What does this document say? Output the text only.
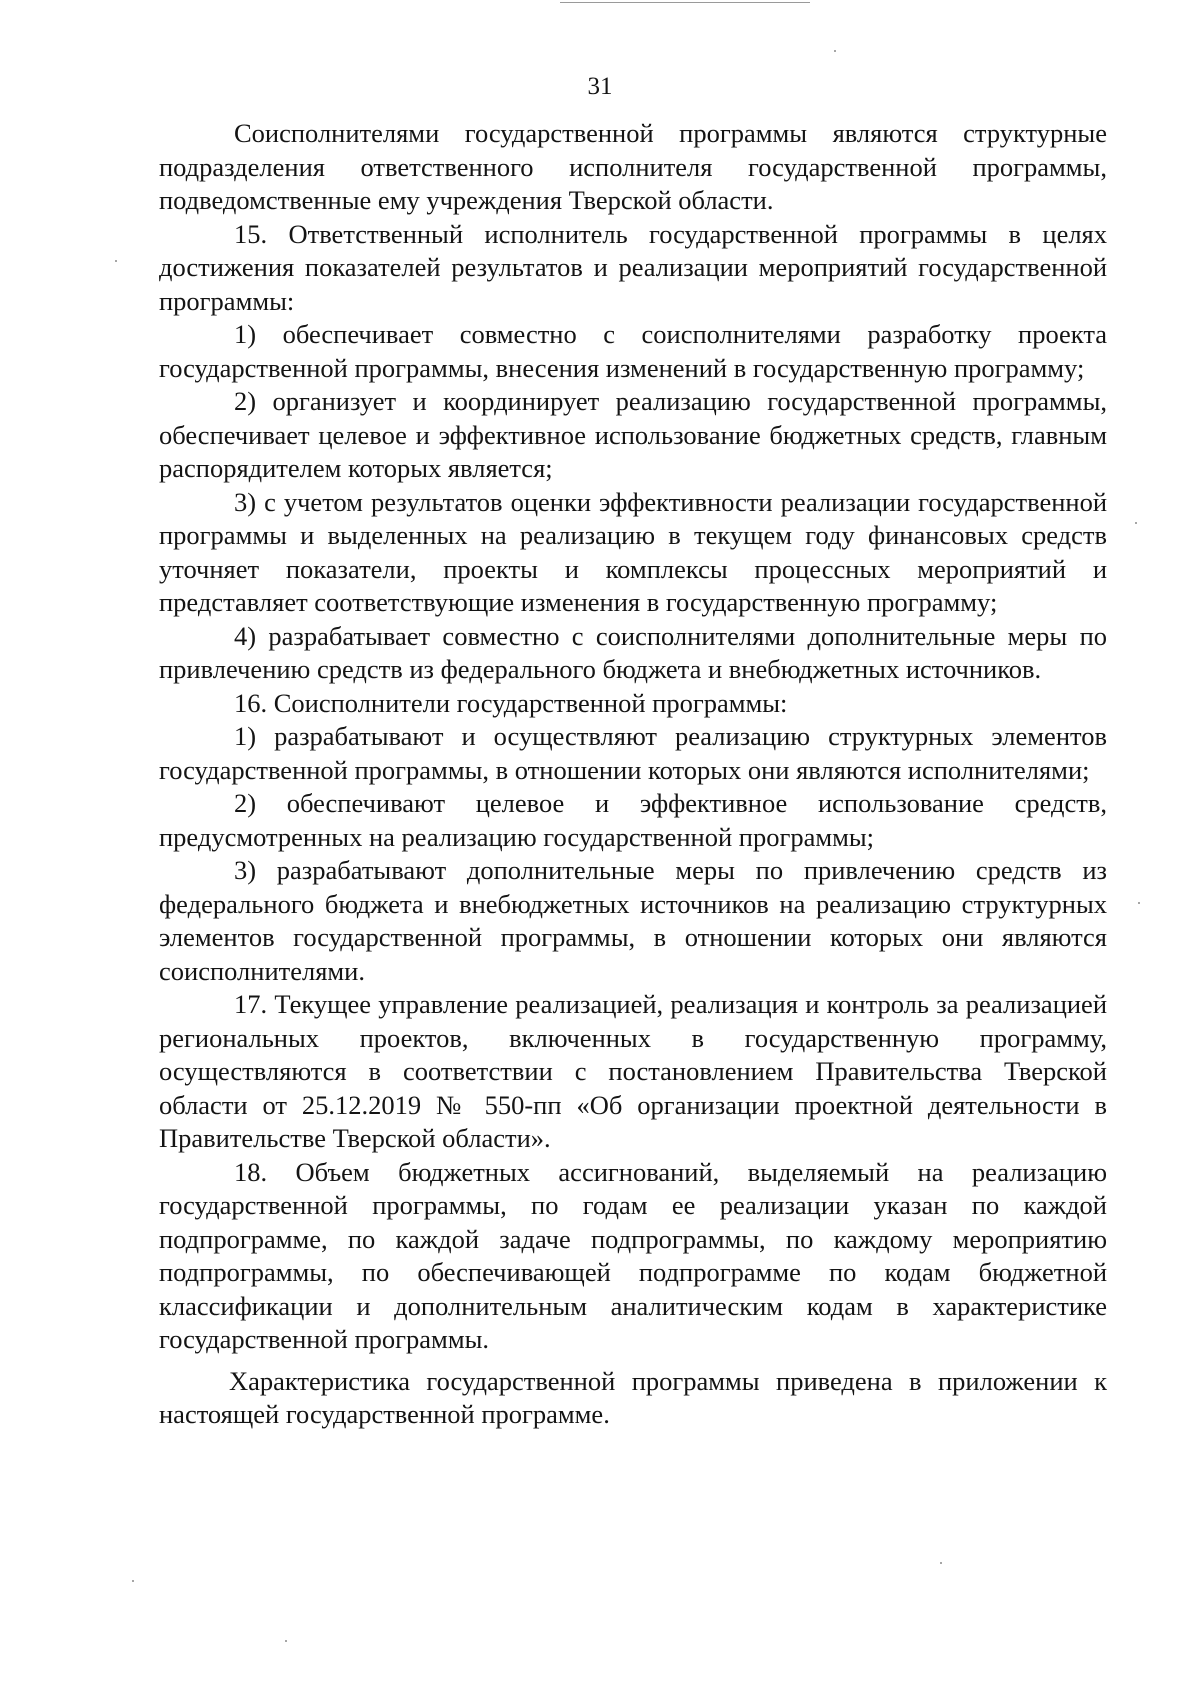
31

Соисполнителями государственной программы являются структурные подразделения ответственного исполнителя государственной программы, подведомственные ему учреждения Тверской области.

15. Ответственный исполнитель государственной программы в целях достижения показателей результатов и реализации мероприятий государственной программы:

1) обеспечивает совместно с соисполнителями разработку проекта государственной программы, внесения изменений в государственную программу;

2) организует и координирует реализацию государственной программы, обеспечивает целевое и эффективное использование бюджетных средств, главным распорядителем которых является;

3) с учетом результатов оценки эффективности реализации государственной программы и выделенных на реализацию в текущем году финансовых средств уточняет показатели, проекты и комплексы процессных мероприятий и представляет соответствующие изменения в государственную программу;

4) разрабатывает совместно с соисполнителями дополнительные меры по привлечению средств из федерального бюджета и внебюджетных источников.

16. Соисполнители государственной программы:

1) разрабатывают и осуществляют реализацию структурных элементов государственной программы, в отношении которых они являются исполнителями;

2) обеспечивают целевое и эффективное использование средств, предусмотренных на реализацию государственной программы;

3) разрабатывают дополнительные меры по привлечению средств из федерального бюджета и внебюджетных источников на реализацию структурных элементов государственной программы, в отношении которых они являются соисполнителями.

17. Текущее управление реализацией, реализация и контроль за реализацией региональных проектов, включенных в государственную программу, осуществляются в соответствии с постановлением Правительства Тверской области от 25.12.2019 № 550-пп «Об организации проектной деятельности в Правительстве Тверской области».

18. Объем бюджетных ассигнований, выделяемый на реализацию государственной программы, по годам ее реализации указан по каждой подпрограмме, по каждой задаче подпрограммы, по каждому мероприятию подпрограммы, по обеспечивающей подпрограмме по кодам бюджетной классификации и дополнительным аналитическим кодам в характеристике государственной программы.

Характеристика государственной программы приведена в приложении к настоящей государственной программе.
